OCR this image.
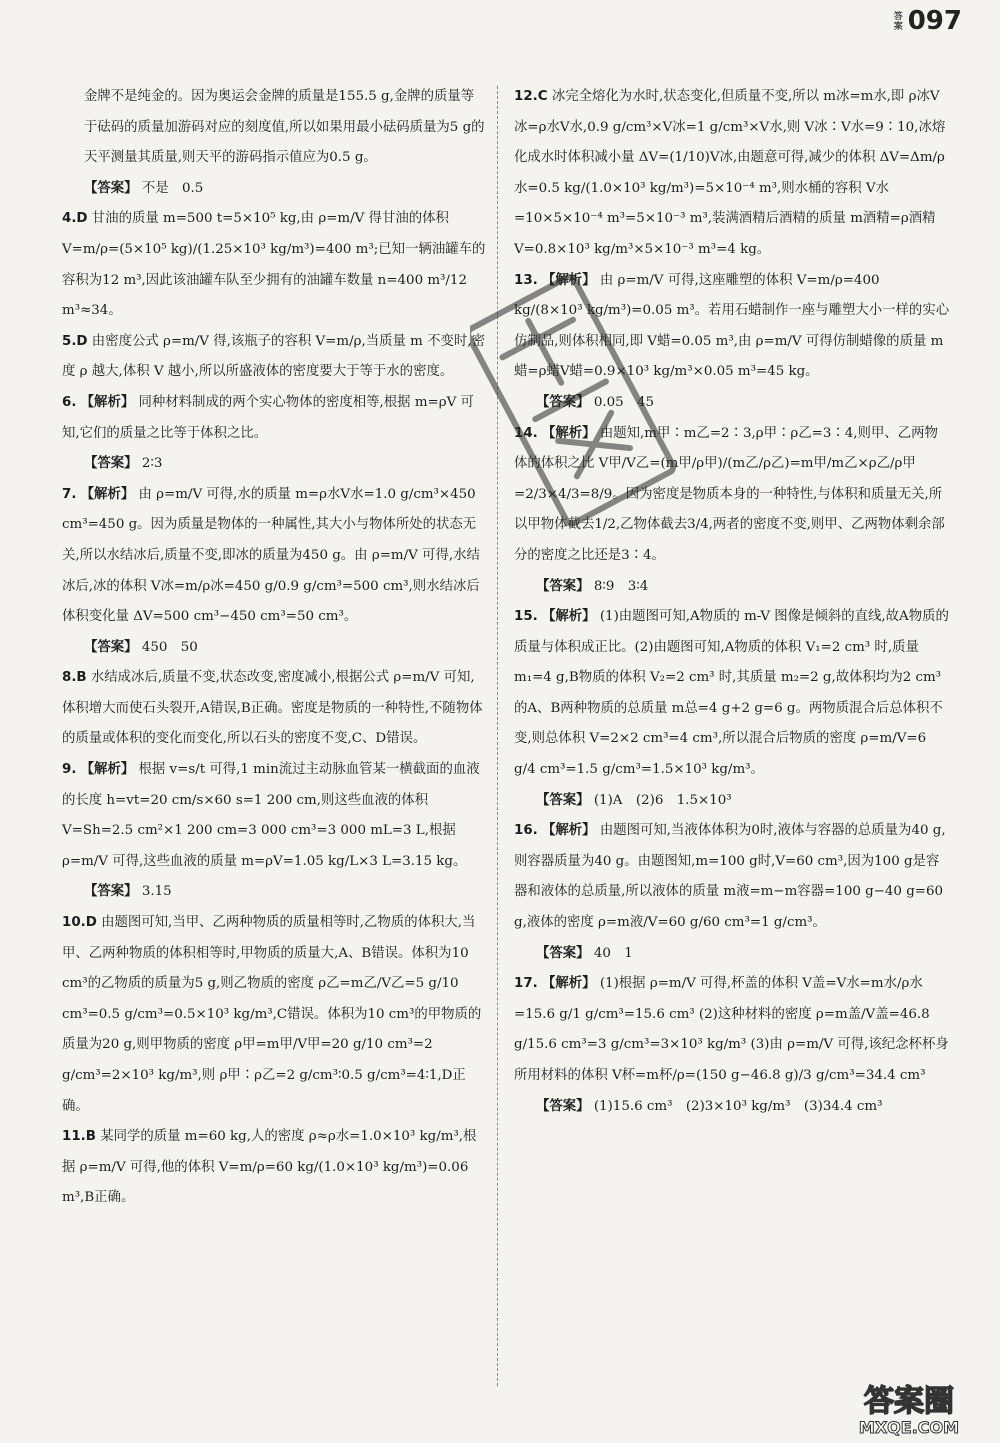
答案 097

金牌不是纯金的。因为奥运会金牌的质量是155.5 g,金牌的质量等于砝码的质量加游码对应的刻度值,所以如果用最小砝码质量为5 g的天平测量其质量,则天平的游码指示值应为0.5 g。

【答案】 不是　0.5

4.D 甘油的质量 m=500 t=5×10⁵ kg,由 ρ=m/V 得甘油的体积 V=m/ρ=(5×10⁵ kg)/(1.25×10³ kg/m³)=400 m³;已知一辆油罐车的容积为12 m³,因此该油罐车队至少拥有的油罐车数量 n=400 m³/12 m³≈34。

5.D 由密度公式 ρ=m/V 得,该瓶子的容积 V=m/ρ,当质量 m 不变时,密度 ρ 越大,体积 V 越小,所以所盛液体的密度要大于等于水的密度。

6. 【解析】 同种材料制成的两个实心物体的密度相等,根据 m=ρV 可知,它们的质量之比等于体积之比。

【答案】 2∶3

7. 【解析】 由 ρ=m/V 可得,水的质量 m=ρ水V水=1.0 g/cm³×450 cm³=450 g。因为质量是物体的一种属性,其大小与物体所处的状态无关,所以水结冰后,质量不变,即冰的质量为450 g。由 ρ=m/V 可得,水结冰后,冰的体积 V冰=m/ρ冰=450 g/0.9 g/cm³=500 cm³,则水结冰后体积变化量 ΔV=500 cm³−450 cm³=50 cm³。

【答案】 450　50

8.B 水结成冰后,质量不变,状态改变,密度减小,根据公式 ρ=m/V 可知,体积增大而使石头裂开,A错误,B正确。密度是物质的一种特性,不随物体的质量或体积的变化而变化,所以石头的密度不变,C、D错误。

9. 【解析】 根据 v=s/t 可得,1 min流过主动脉血管某一横截面的血液的长度 h=vt=20 cm/s×60 s=1 200 cm,则这些血液的体积 V=Sh=2.5 cm²×1 200 cm=3 000 cm³=3 000 mL=3 L,根据 ρ=m/V 可得,这些血液的质量 m=ρV=1.05 kg/L×3 L=3.15 kg。

【答案】 3.15

10.D 由题图可知,当甲、乙两种物质的质量相等时,乙物质的体积大,当甲、乙两种物质的体积相等时,甲物质的质量大,A、B错误。体积为10 cm³的乙物质的质量为5 g,则乙物质的密度 ρ乙=m乙/V乙=5 g/10 cm³=0.5 g/cm³=0.5×10³ kg/m³,C错误。体积为10 cm³的甲物质的质量为20 g,则甲物质的密度 ρ甲=m甲/V甲=20 g/10 cm³=2 g/cm³=2×10³ kg/m³,则 ρ甲∶ρ乙=2 g/cm³∶0.5 g/cm³=4∶1,D正确。

11.B 某同学的质量 m=60 kg,人的密度 ρ≈ρ水=1.0×10³ kg/m³,根据 ρ=m/V 可得,他的体积 V=m/ρ=60 kg/(1.0×10³ kg/m³)=0.06 m³,B正确。

12.C 冰完全熔化为水时,状态变化,但质量不变,所以 m冰=m水,即 ρ冰V冰=ρ水V水,0.9 g/cm³×V冰=1 g/cm³×V水,则 V冰∶V水=9∶10,冰熔化成水时体积减小量 ΔV=(1/10)V冰,由题意可得,减少的体积 ΔV=Δm/ρ水=0.5 kg/(1.0×10³ kg/m³)=5×10⁻⁴ m³,则水桶的容积 V水=10×5×10⁻⁴ m³=5×10⁻³ m³,装满酒精后酒精的质量 m酒精=ρ酒精V=0.8×10³ kg/m³×5×10⁻³ m³=4 kg。

13. 【解析】 由 ρ=m/V 可得,这座雕塑的体积 V=m/ρ=400 kg/(8×10³ kg/m³)=0.05 m³。若用石蜡制作一座与雕塑大小一样的实心仿制品,则体积相同,即 V蜡=0.05 m³,由 ρ=m/V 可得仿制蜡像的质量 m蜡=ρ蜡V蜡=0.9×10³ kg/m³×0.05 m³=45 kg。

【答案】 0.05　45

14. 【解析】 由题知,m甲∶m乙=2∶3,ρ甲∶ρ乙=3∶4,则甲、乙两物体的体积之比 V甲/V乙=(m甲/ρ甲)/(m乙/ρ乙)=m甲/m乙×ρ乙/ρ甲=2/3×4/3=8/9。因为密度是物质本身的一种特性,与体积和质量无关,所以甲物体截去1/2,乙物体截去3/4,两者的密度不变,则甲、乙两物体剩余部分的密度之比还是3∶4。

【答案】 8∶9　3∶4

15. 【解析】 (1)由题图可知,A物质的 m-V 图像是倾斜的直线,故A物质的质量与体积成正比。(2)由题图可知,A物质的体积 V₁=2 cm³ 时,质量 m₁=4 g,B物质的体积 V₂=2 cm³ 时,其质量 m₂=2 g,故体积均为2 cm³ 的A、B两种物质的总质量 m总=4 g+2 g=6 g。两物质混合后总体积不变,则总体积 V=2×2 cm³=4 cm³,所以混合后物质的密度 ρ=m/V=6 g/4 cm³=1.5 g/cm³=1.5×10³ kg/m³。

【答案】 (1)A　(2)6　1.5×10³

16. 【解析】 由题图可知,当液体体积为0时,液体与容器的总质量为40 g,则容器质量为40 g。由题图知,m=100 g时,V=60 cm³,因为100 g是容器和液体的总质量,所以液体的质量 m液=m−m容器=100 g−40 g=60 g,液体的密度 ρ=m液/V=60 g/60 cm³=1 g/cm³。

【答案】 40　1

17. 【解析】 (1)根据 ρ=m/V 可得,杯盖的体积 V盖=V水=m水/ρ水=15.6 g/1 g/cm³=15.6 cm³ (2)这种材料的密度 ρ=m盖/V盖=46.8 g/15.6 cm³=3 g/cm³=3×10³ kg/m³ (3)由 ρ=m/V 可得,该纪念杯杯身所用材料的体积 V杯=m杯/ρ=(150 g−46.8 g)/3 g/cm³=34.4 cm³

【答案】 (1)15.6 cm³　(2)3×10³ kg/m³　(3)34.4 cm³

答案圈
MXQE.COM
